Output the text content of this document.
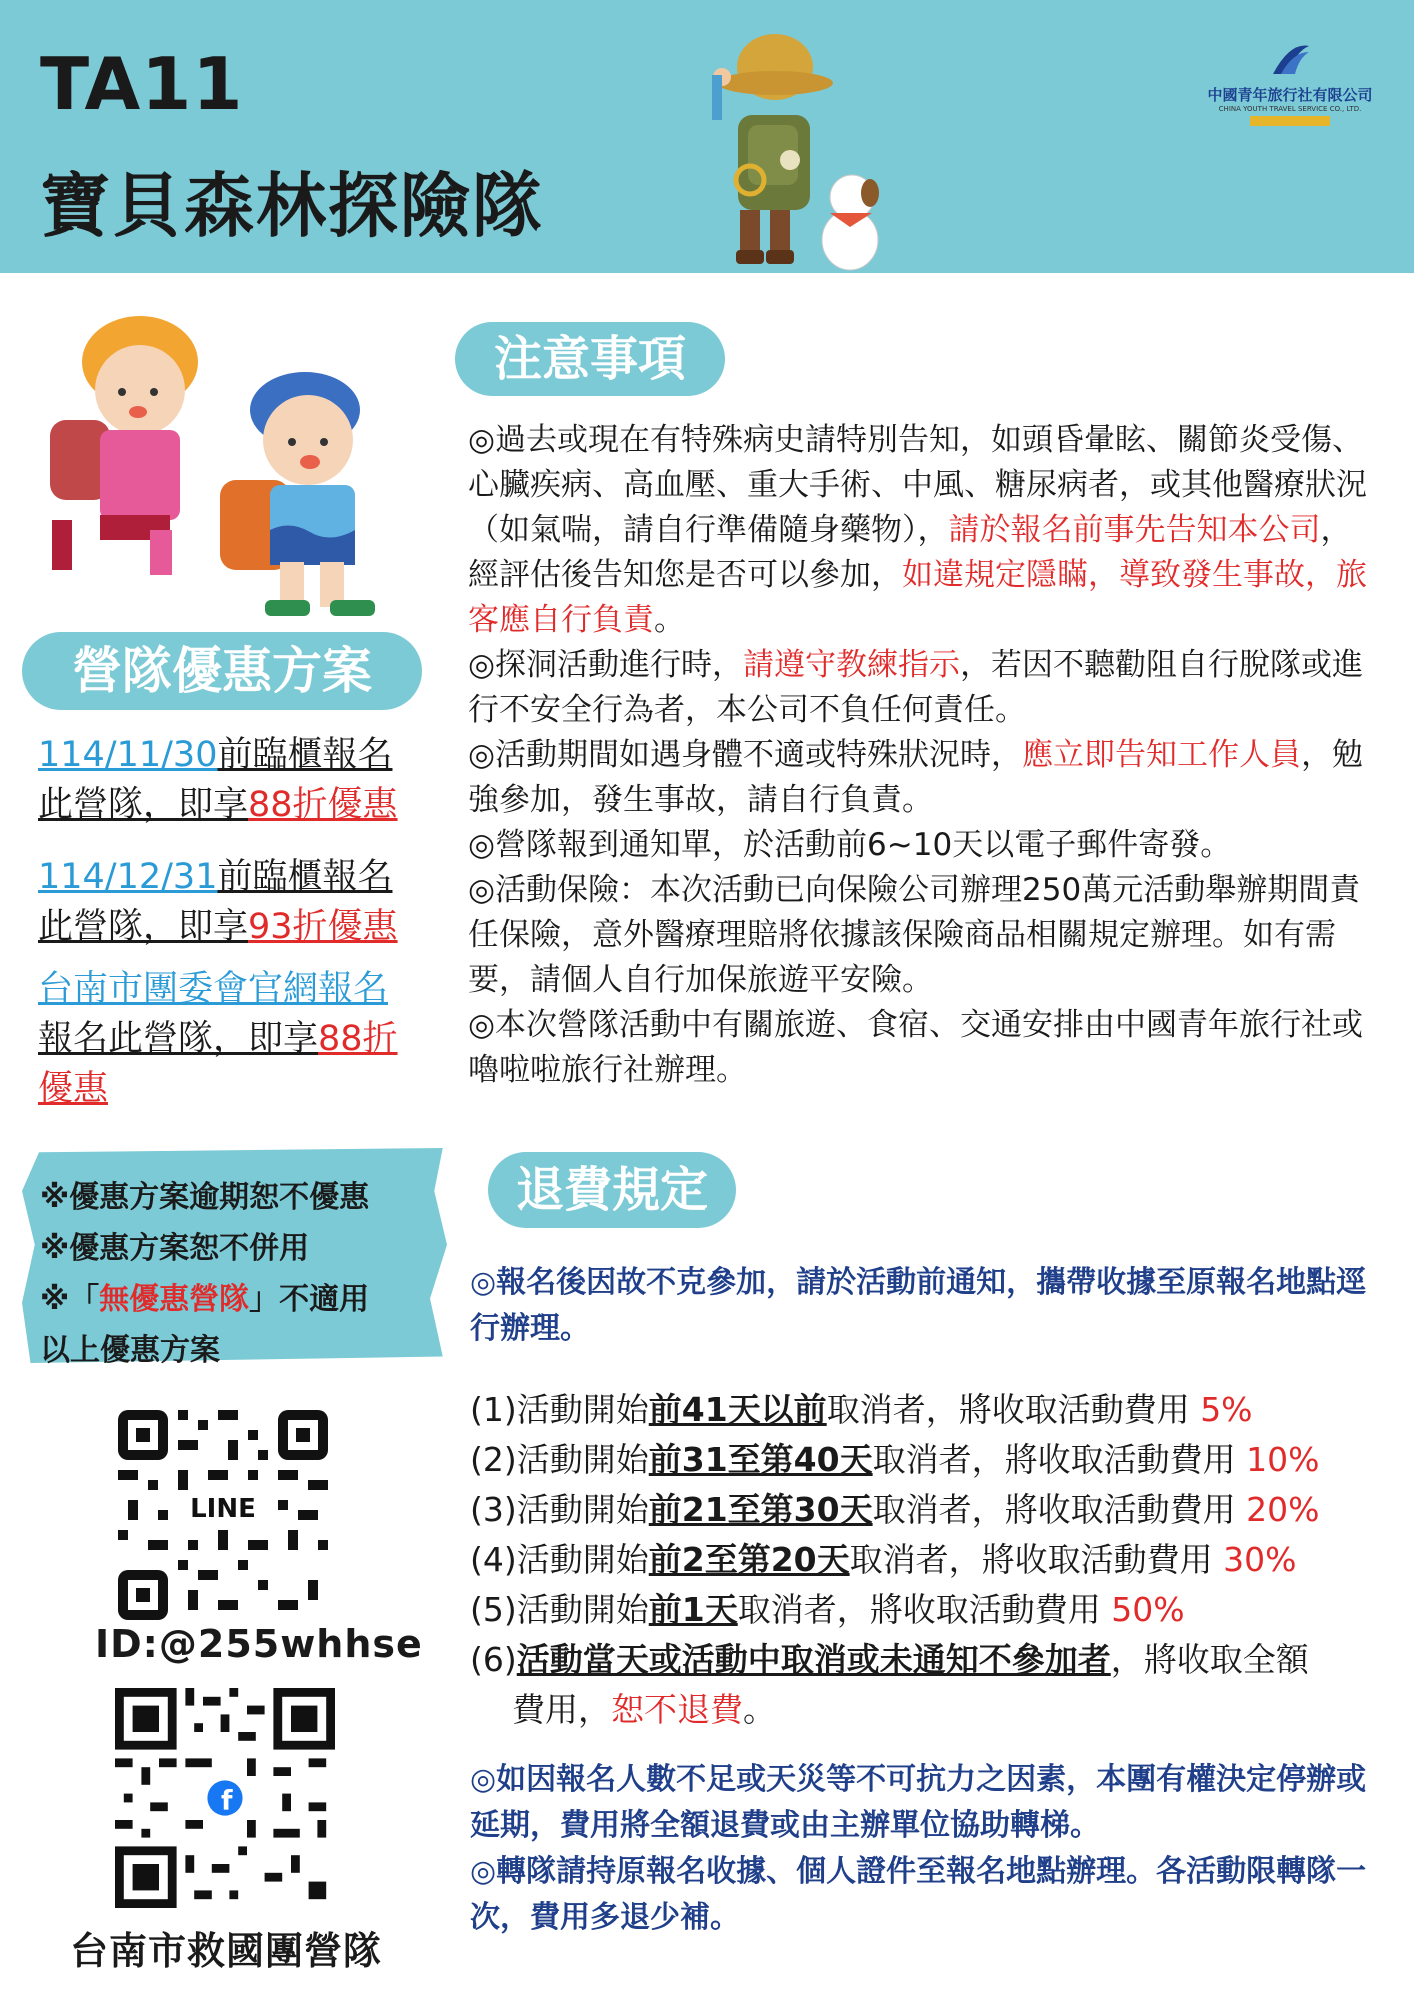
TA11
寶貝森林探險隊
中國青年旅行社有限公司
CHINA YOUTH TRAVEL SERVICE CO., LTD.
營隊優惠方案
114/11/30前臨櫃報名
此營隊，即享88折優惠
114/12/31前臨櫃報名
此營隊，即享93折優惠
台南市團委會官網報名
報名此營隊，即享88折
優惠
※優惠方案逾期恕不優惠
※優惠方案恕不併用
※「無優惠營隊」不適用
以上優惠方案
LINE
ID:@255whhse
f
台南市救國團營隊
注意事項

◎過去或現在有特殊病史請特別告知，如頭昏暈眩、關節炎受傷、心臟疾病、高血壓、重大手術、中風、糖尿病者，或其他醫療狀況（如氣喘，請自行準備隨身藥物），請於報名前事先告知本公司，經評估後告知您是否可以參加，如違規定隱瞞，導致發生事故，旅客應自行負責。

◎探洞活動進行時，請遵守教練指示，若因不聽勸阻自行脫隊或進行不安全行為者，本公司不負任何責任。

◎活動期間如遇身體不適或特殊狀況時，應立即告知工作人員，勉強參加，發生事故，請自行負責。

◎營隊報到通知單，於活動前6~10天以電子郵件寄發。

◎活動保險：本次活動已向保險公司辦理250萬元活動舉辦期間責任保險，意外醫療理賠將依據該保險商品相關規定辦理。如有需要，請個人自行加保旅遊平安險。

◎本次營隊活動中有關旅遊、食宿、交通安排由中國青年旅行社或嚕啦啦旅行社辦理。

退費規定
◎報名後因故不克參加，請於活動前通知，攜帶收據至原報名地點逕行辦理。
(1)活動開始前41天以前取消者，將收取活動費用 5%
(2)活動開始前31至第40天取消者，將收取活動費用 10%
(3)活動開始前21至第30天取消者，將收取活動費用 20%
(4)活動開始前2至第20天取消者，將收取活動費用 30%
(5)活動開始前1天取消者，將收取活動費用 50%
(6)活動當天或活動中取消或未通知不參加者，將收取全額
費用，恕不退費。
◎如因報名人數不足或天災等不可抗力之因素，本團有權決定停辦或延期，費用將全額退費或由主辦單位協助轉梯。
◎轉隊請持原報名收據、個人證件至報名地點辦理。各活動限轉隊一次，費用多退少補。
